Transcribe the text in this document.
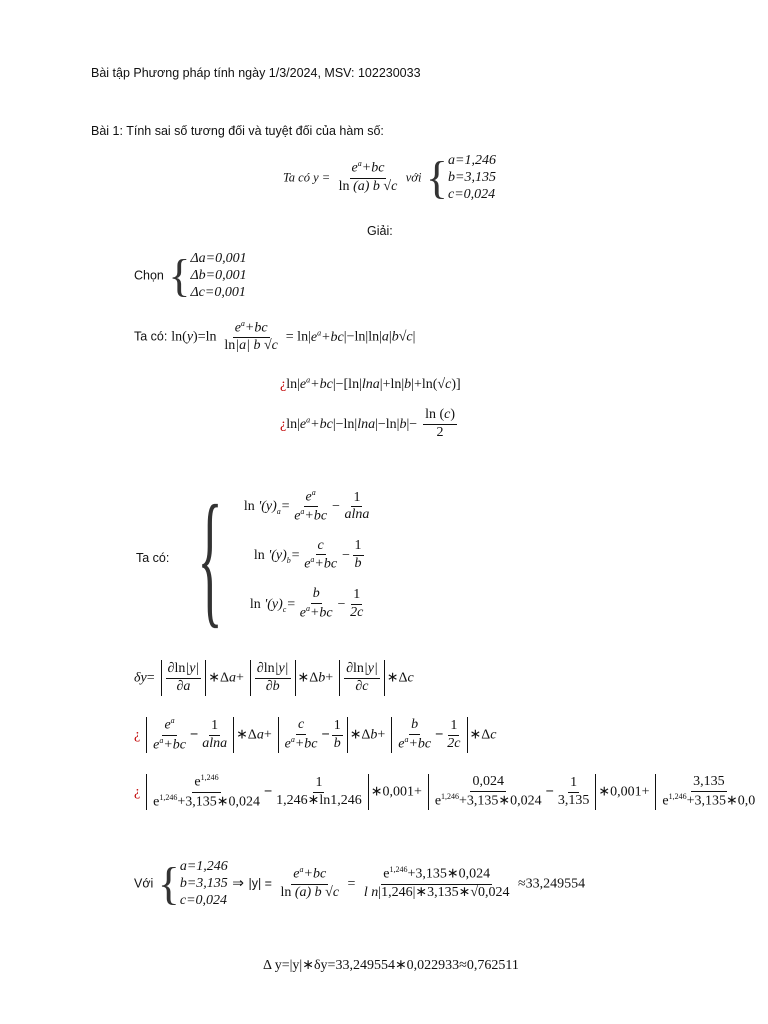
Bài tập Phương pháp tính ngày 1/3/2024, MSV: 102230033
Bài 1: Tính sai số tương đối và tuyệt đối của hàm số:
Ta có $y = \frac{e^a+bc}{\ln (a) b √c}$ với { a=1,246
b=3,135
c=0,024
Giải:
Chọn { Δa=0,001
Δb=0,001
Δc=0,001
Ta có: $\ln(y)=\ln \frac{e^a+bc}{\ln|a| b √c} = \ln|e^a+bc|-\ln|\ln|a|b√c|$
¿$\ln|e^a+bc|-[\ln|\ln a|+\ln|b|+\ln(√c)]$
¿$\ln|e^a+bc|-\ln|\ln a|-\ln|b|- \frac{\ln (c)}{2}$
Ta có: { $\ln '(y)_a= \frac{e^a}{e^a+bc} - \frac{1}{alna}$
$\ln '(y)_b= \frac{c}{e^a+bc} - \frac{1}{b}$
$\ln '(y)_c= \frac{b}{e^a+bc} - \frac{1}{2c}$
$\delta y= \frac{\partial\ln|y|}{\partial a}$ ∗Δa+ $\frac{\partial\ln|y|}{\partial b}$ ∗Δb+ $\frac{\partial\ln|y|}{\partial c}$ ∗Δc
¿ $\frac{e^a}{e^a+bc} - \frac{1}{alna}$ ∗Δa+ $\frac{c}{e^a+bc} - \frac{1}{b}$ ∗Δb+ $\frac{b}{e^a+bc} - \frac{1}{2c}$ ∗Δc
¿ $\frac{e^{1,246}}{e^{1,246}+3,135∗0,024} - \frac{1}{1,246∗\ln 1,246}$ ∗0,001+ $\frac{0,024}{e^{1,246}+3,135∗0,024} - \frac{1}{3,135}$ ∗0,001+ $\frac{3,135}{e^{1,246}+3,135∗0,0}$
Với { a=1,246
b=3,135
c=0,024
⇒ $|y| = \frac{e^a+bc}{\ln (a) b √c} = \frac{e^{1,246}+3,135∗0,024}{\text{l n|1,246|∗3,135∗√0,024}} \approx 33,249554$
Δ y=|y|∗δy=33,249554∗0,022933≈0,762511
